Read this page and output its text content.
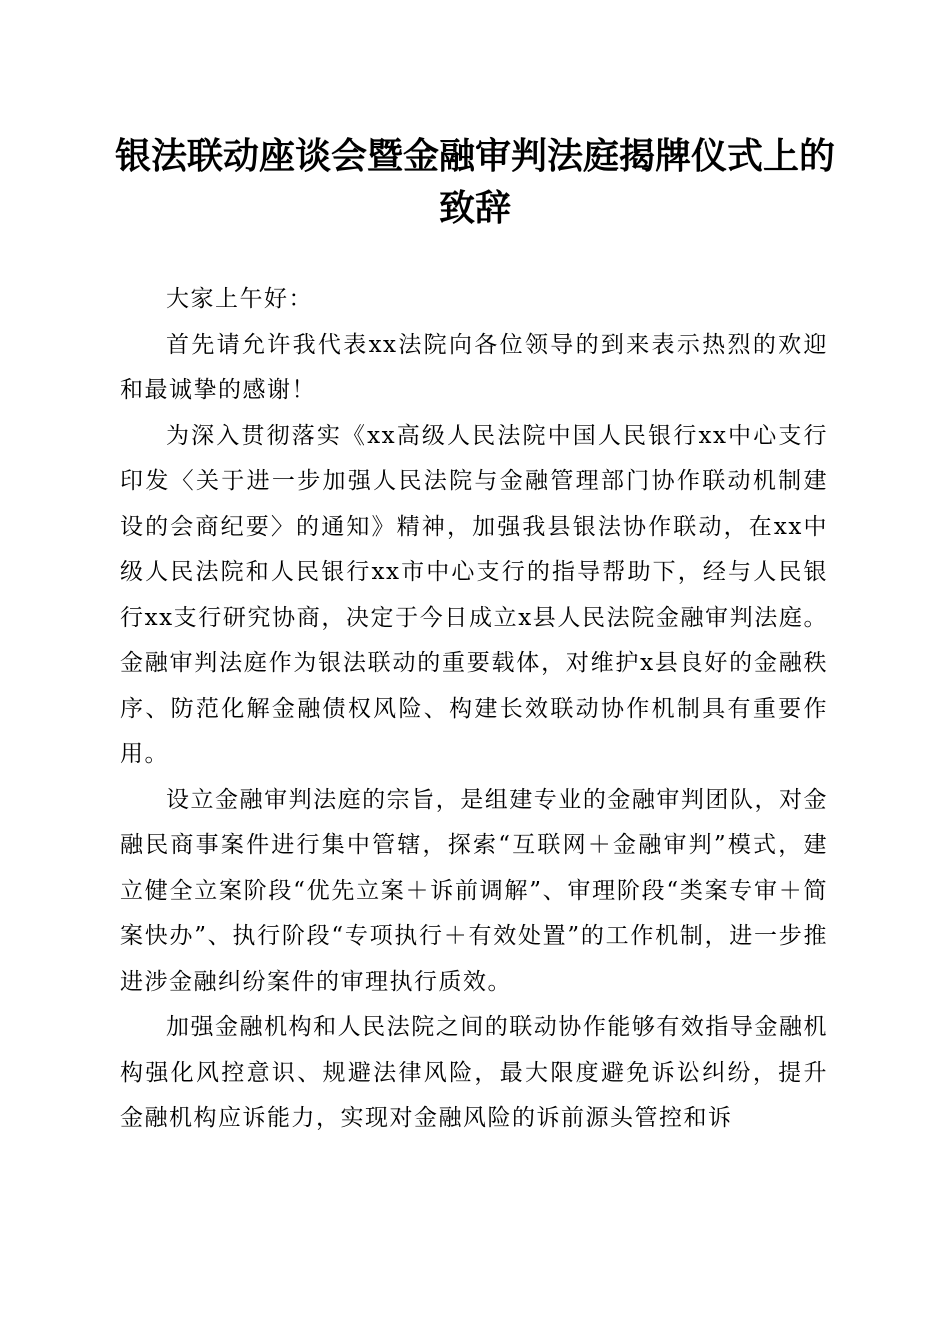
银法联动座谈会暨金融审判法庭揭牌仪式上的
致辞

大家上午好：

首先请允许我代表xx法院向各位领导的到来表示热烈的欢迎和最诚挚的感谢！

为深入贯彻落实《xx高级人民法院中国人民银行xx中心支行印发〈关于进一步加强人民法院与金融管理部门协作联动机制建设的会商纪要〉的通知》精神，加强我县银法协作联动，在xx中级人民法院和人民银行xx市中心支行的指导帮助下，经与人民银行xx支行研究协商，决定于今日成立x县人民法院金融审判法庭。金融审判法庭作为银法联动的重要载体，对维护x县良好的金融秩序、防范化解金融债权风险、构建长效联动协作机制具有重要作用。

设立金融审判法庭的宗旨，是组建专业的金融审判团队，对金融民商事案件进行集中管辖，探索“互联网＋金融审判”模式，建立健全立案阶段“优先立案＋诉前调解”、审理阶段“类案专审＋简案快办”、执行阶段“专项执行＋有效处置”的工作机制，进一步推进涉金融纠纷案件的审理执行质效。

加强金融机构和人民法院之间的联动协作能够有效指导金融机构强化风控意识、规避法律风险，最大限度避免诉讼纠纷，提升金融机构应诉能力，实现对金融风险的诉前源头管控和诉
